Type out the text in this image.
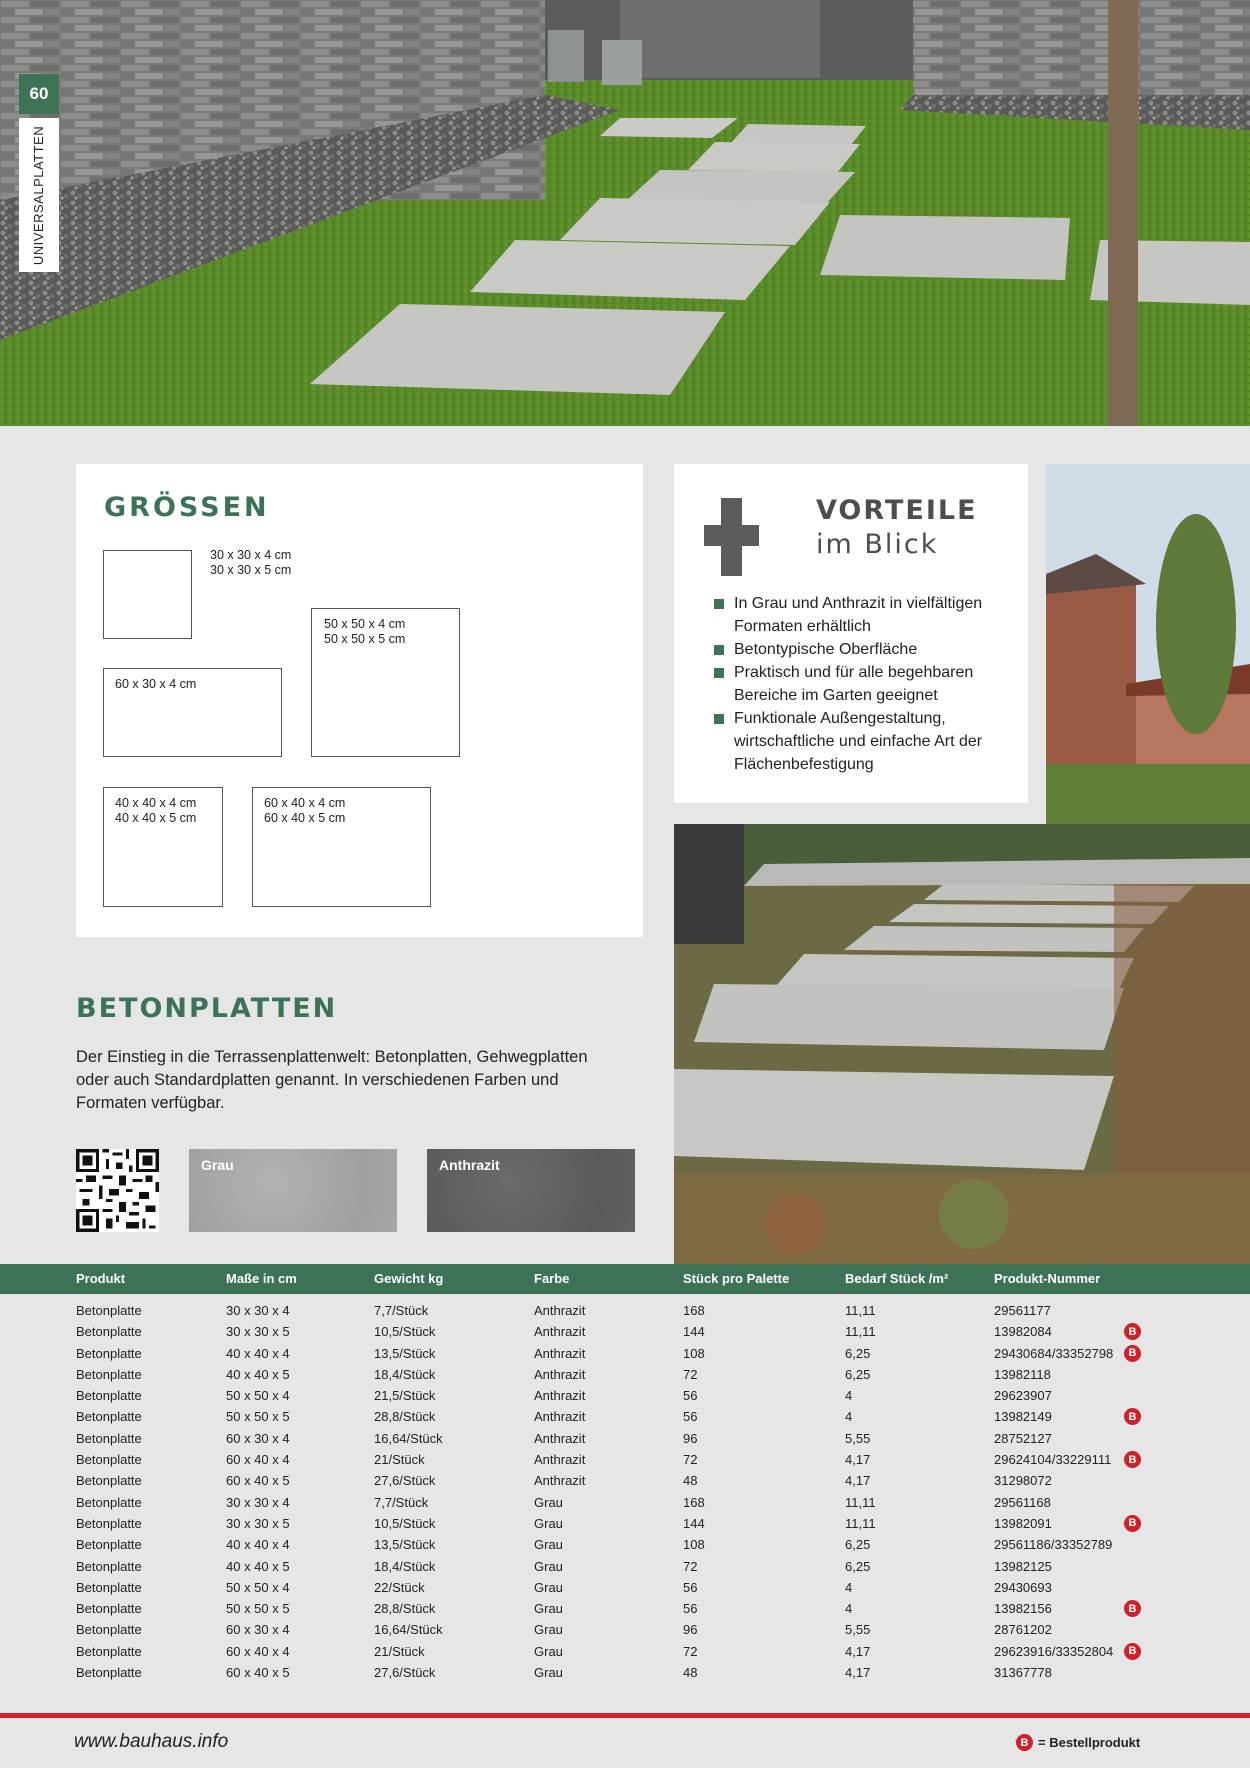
60
UNIVERSALPLATTEN
GRÖSSEN
30 x 30 x 4 cm
30 x 30 x 5 cm
50 x 50 x 4 cm
50 x 50 x 5 cm
60 x 30 x 4 cm
40 x 40 x 4 cm
40 x 40 x 5 cm
60 x 40 x 4 cm
60 x 40 x 5 cm
VORTEILE
im Blick
In Grau und Anthrazit in vielfältigen Formaten erhältlich
Betontypische Oberfläche
Praktisch und für alle begehbaren Bereiche im Garten geeignet
Funktionale Außengestaltung, wirtschaftliche und einfache Art der Flächenbefestigung
BETONPLATTEN
Der Einstieg in die Terrassenplattenwelt: Betonplatten, Gehwegplatten oder auch Standardplatten genannt. In verschiedenen Farben und Formaten verfügbar.
Grau	Anthrazit
Produkt	Maße in cm	Gewicht kg	Farbe	Stück pro Palette	Bedarf Stück /m²	Produkt-Nummer
Betonplatte	30 x 30 x 4	7,7/Stück	Anthrazit	168	11,11	29561177
Betonplatte	30 x 30 x 5	10,5/Stück	Anthrazit	144	11,11	13982084	B
Betonplatte	40 x 40 x 4	13,5/Stück	Anthrazit	108	6,25	29430684/33352798	B
Betonplatte	40 x 40 x 5	18,4/Stück	Anthrazit	72	6,25	13982118
Betonplatte	50 x 50 x 4	21,5/Stück	Anthrazit	56	4	29623907
Betonplatte	50 x 50 x 5	28,8/Stück	Anthrazit	56	4	13982149	B
Betonplatte	60 x 30 x 4	16,64/Stück	Anthrazit	96	5,55	28752127
Betonplatte	60 x 40 x 4	21/Stück	Anthrazit	72	4,17	29624104/33229111	B
Betonplatte	60 x 40 x 5	27,6/Stück	Anthrazit	48	4,17	31298072
Betonplatte	30 x 30 x 4	7,7/Stück	Grau	168	11,11	29561168
Betonplatte	30 x 30 x 5	10,5/Stück	Grau	144	11,11	13982091	B
Betonplatte	40 x 40 x 4	13,5/Stück	Grau	108	6,25	29561186/33352789
Betonplatte	40 x 40 x 5	18,4/Stück	Grau	72	6,25	13982125
Betonplatte	50 x 50 x 4	22/Stück	Grau	56	4	29430693
Betonplatte	50 x 50 x 5	28,8/Stück	Grau	56	4	13982156	B
Betonplatte	60 x 30 x 4	16,64/Stück	Grau	96	5,55	28761202
Betonplatte	60 x 40 x 4	21/Stück	Grau	72	4,17	29623916/33352804	B
Betonplatte	60 x 40 x 5	27,6/Stück	Grau	48	4,17	31367778
www.bauhaus.info	B = Bestellprodukt
